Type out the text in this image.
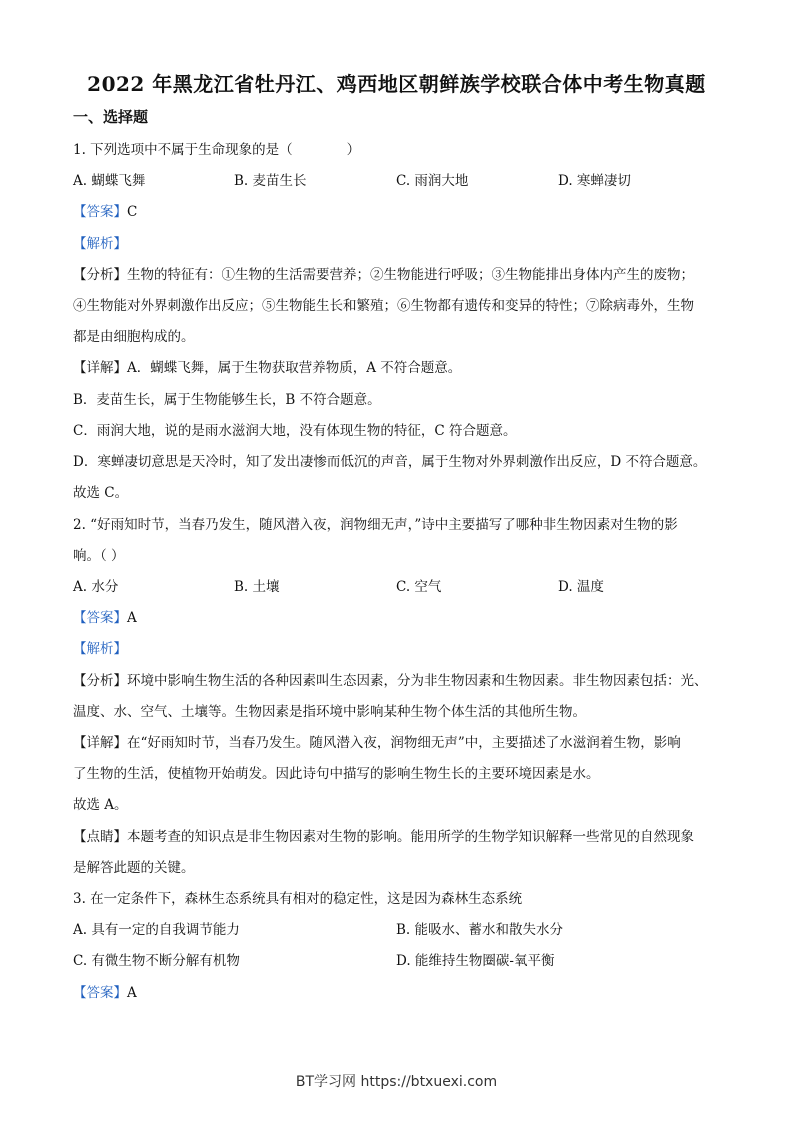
2022 年黑龙江省牡丹江、鸡西地区朝鲜族学校联合体中考生物真题
一、选择题
1. 下列选项中不属于生命现象的是（　　　　）
A. 蝴蝶飞舞	B. 麦苗生长	C. 雨润大地	D. 寒蝉凄切
【答案】C
【解析】
【分析】生物的特征有：①生物的生活需要营养；②生物能进行呼吸；③生物能排出身体内产生的废物；
④生物能对外界刺激作出反应；⑤生物能生长和繁殖；⑥生物都有遗传和变异的特性；⑦除病毒外，生物
都是由细胞构成的。
【详解】A．蝴蝶飞舞，属于生物获取营养物质，A 不符合题意。
B．麦苗生长，属于生物能够生长，B 不符合题意。
C．雨润大地，说的是雨水滋润大地，没有体现生物的特征，C 符合题意。
D．寒蝉凄切意思是天冷时，知了发出凄惨而低沉的声音，属于生物对外界刺激作出反应，D 不符合题意。
故选 C。
2. “好雨知时节，当春乃发生，随风潜入夜，润物细无声，”诗中主要描写了哪种非生物因素对生物的影
响。（ ）
A. 水分	B. 土壤	C. 空气	D. 温度
【答案】A
【解析】
【分析】环境中影响生物生活的各种因素叫生态因素，分为非生物因素和生物因素。非生物因素包括：光、
温度、水、空气、土壤等。生物因素是指环境中影响某种生物个体生活的其他所生物。
【详解】在“好雨知时节，当春乃发生。随风潜入夜，润物细无声”中，主要描述了水滋润着生物，影响
了生物的生活，使植物开始萌发。因此诗句中描写的影响生物生长的主要环境因素是水。
故选 A。
【点睛】本题考查的知识点是非生物因素对生物的影响。能用所学的生物学知识解释一些常见的自然现象
是解答此题的关键。
3. 在一定条件下，森林生态系统具有相对的稳定性，这是因为森林生态系统
A. 具有一定的自我调节能力	B. 能吸水、蓄水和散失水分
C. 有微生物不断分解有机物	D. 能维持生物圈碳-氧平衡
【答案】A
BT学习网 https://btxuexi.com
